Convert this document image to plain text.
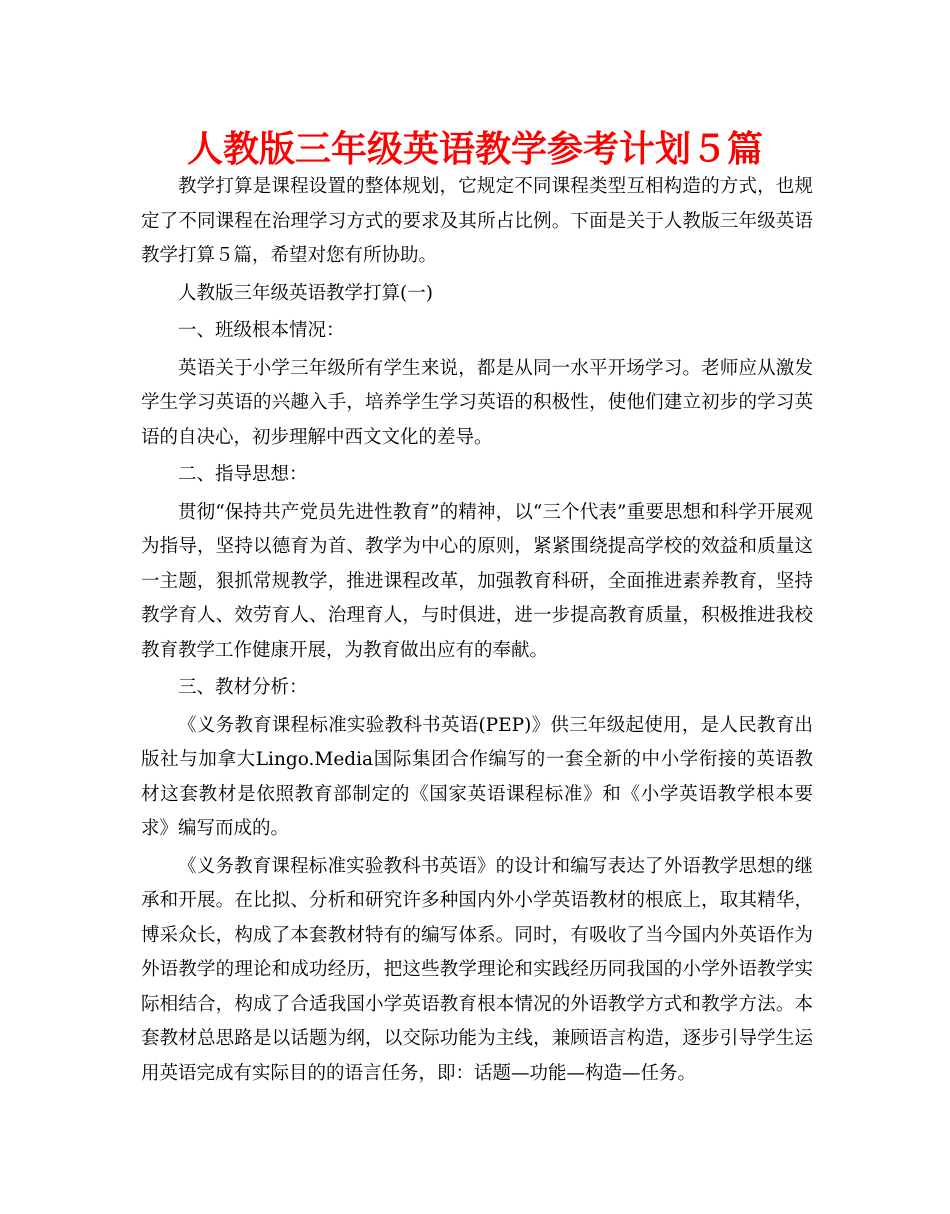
人教版三年级英语教学参考计划５篇

教学打算是课程设置的整体规划，它规定不同课程类型互相构造的方式，也规定了不同课程在治理学习方式的要求及其所占比例。下面是关于人教版三年级英语教学打算５篇，希望对您有所协助。

人教版三年级英语教学打算(一)

一、班级根本情况：

英语关于小学三年级所有学生来说，都是从同一水平开场学习。老师应从激发学生学习英语的兴趣入手，培养学生学习英语的积极性，使他们建立初步的学习英语的自决心，初步理解中西文文化的差导。

二、指导思想：

贯彻“保持共产党员先进性教育”的精神，以“三个代表”重要思想和科学开展观为指导，坚持以德育为首、教学为中心的原则，紧紧围绕提高学校的效益和质量这一主题，狠抓常规教学，推进课程改革，加强教育科研，全面推进素养教育，坚持教学育人、效劳育人、治理育人，与时俱进，进一步提高教育质量，积极推进我校教育教学工作健康开展，为教育做出应有的奉献。

三、教材分析：

《义务教育课程标准实验教科书英语(PEP)》供三年级起使用，是人民教育出版社与加拿大Lingo.Media国际集团合作编写的一套全新的中小学衔接的英语教材这套教材是依照教育部制定的《国家英语课程标准》和《小学英语教学根本要求》编写而成的。

《义务教育课程标准实验教科书英语》的设计和编写表达了外语教学思想的继承和开展。在比拟、分析和研究许多种国内外小学英语教材的根底上，取其精华，博采众长，构成了本套教材特有的编写体系。同时，有吸收了当今国内外英语作为外语教学的理论和成功经历，把这些教学理论和实践经历同我国的小学外语教学实际相结合，构成了合适我国小学英语教育根本情况的外语教学方式和教学方法。本套教材总思路是以话题为纲，以交际功能为主线，兼顾语言构造，逐步引导学生运用英语完成有实际目的的语言任务，即：话题—功能—构造—任务。
